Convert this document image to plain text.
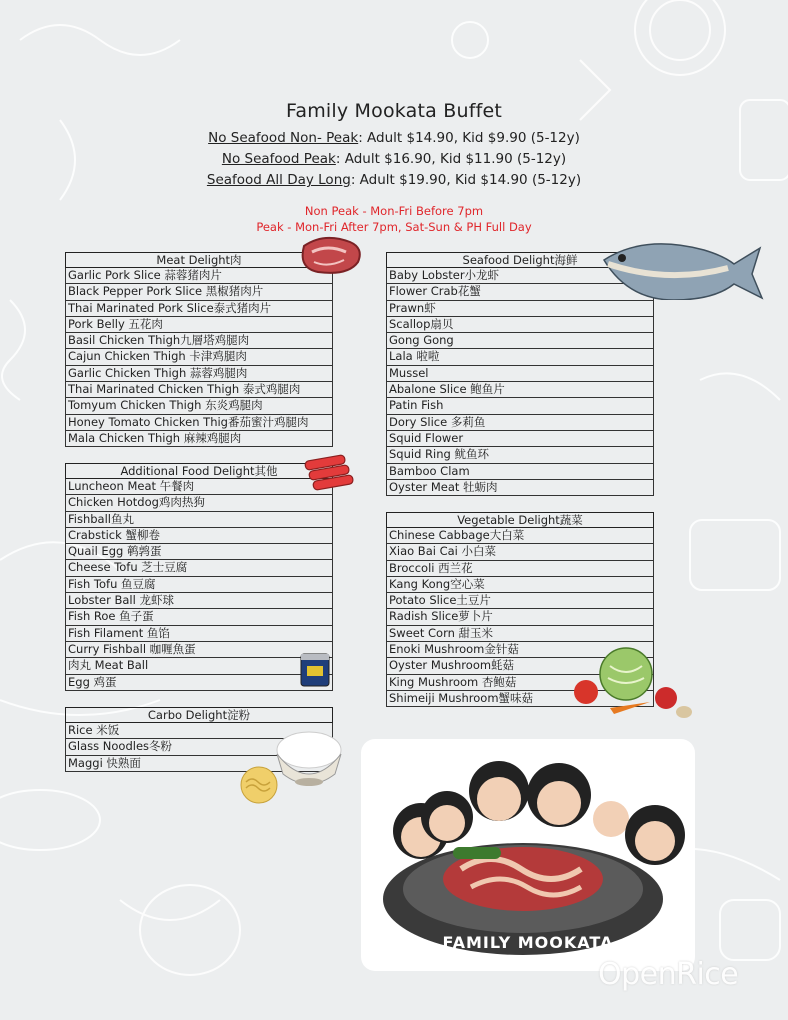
Family Mookata Buffet
No Seafood Non- Peak: Adult $14.90, Kid $9.90 (5-12y)
No Seafood Peak: Adult $16.90, Kid $11.90 (5-12y)
Seafood All Day Long: Adult $19.90, Kid $14.90 (5-12y)
Non Peak - Mon-Fri Before 7pm
Peak - Mon-Fri After 7pm, Sat-Sun & PH Full Day
Meat Delight肉
Garlic Pork Slice 蒜蓉猪肉片
Black Pepper Pork Slice 黑椒猪肉片
Thai Marinated Pork Slice泰式猪肉片
Pork Belly 五花肉
Basil Chicken Thigh九層塔鸡腿肉
Cajun Chicken Thigh 卡津鸡腿肉
Garlic Chicken Thigh 蒜蓉鸡腿肉
Thai Marinated Chicken Thigh 泰式鸡腿肉
Tomyum Chicken Thigh 东炎鸡腿肉
Honey Tomato Chicken Thig番茄蜜汁鸡腿肉
Mala Chicken Thigh 麻辣鸡腿肉
Additional Food Delight其他
Luncheon Meat 午餐肉
Chicken Hotdog鸡肉热狗
Fishball鱼丸
Crabstick 蟹柳卷
Quail Egg 鹌鹑蛋
Cheese Tofu 芝士豆腐
Fish Tofu 鱼豆腐
Lobster Ball 龙虾球
Fish Roe 鱼子蛋
Fish Filament 鱼馅
Curry Fishball 咖喱魚蛋
肉丸 Meat Ball
Egg 鸡蛋
Carbo Delight淀粉
Rice 米饭
Glass Noodles冬粉
Maggi 快熟面
Seafood Delight海鲜
Baby Lobster小龙虾
Flower Crab花蟹
Prawn虾
Scallop扇贝
Gong Gong
Lala 啦啦
Mussel
Abalone Slice 鲍鱼片
Patin Fish
Dory Slice 多莉鱼
Squid Flower
Squid Ring 鱿鱼环
Bamboo Clam
Oyster Meat 牡蛎肉
Vegetable Delight蔬菜
Chinese Cabbage大白菜
Xiao Bai Cai 小白菜
Broccoli 西兰花
Kang Kong空心菜
Potato Slice土豆片
Radish Slice萝卜片
Sweet Corn 甜玉米
Enoki Mushroom金针菇
Oyster Mushroom蚝菇
King Mushroom 杏鲍菇
Shimeiji Mushroom蟹味菇
FAMILY MOOKATA
OpenRice
